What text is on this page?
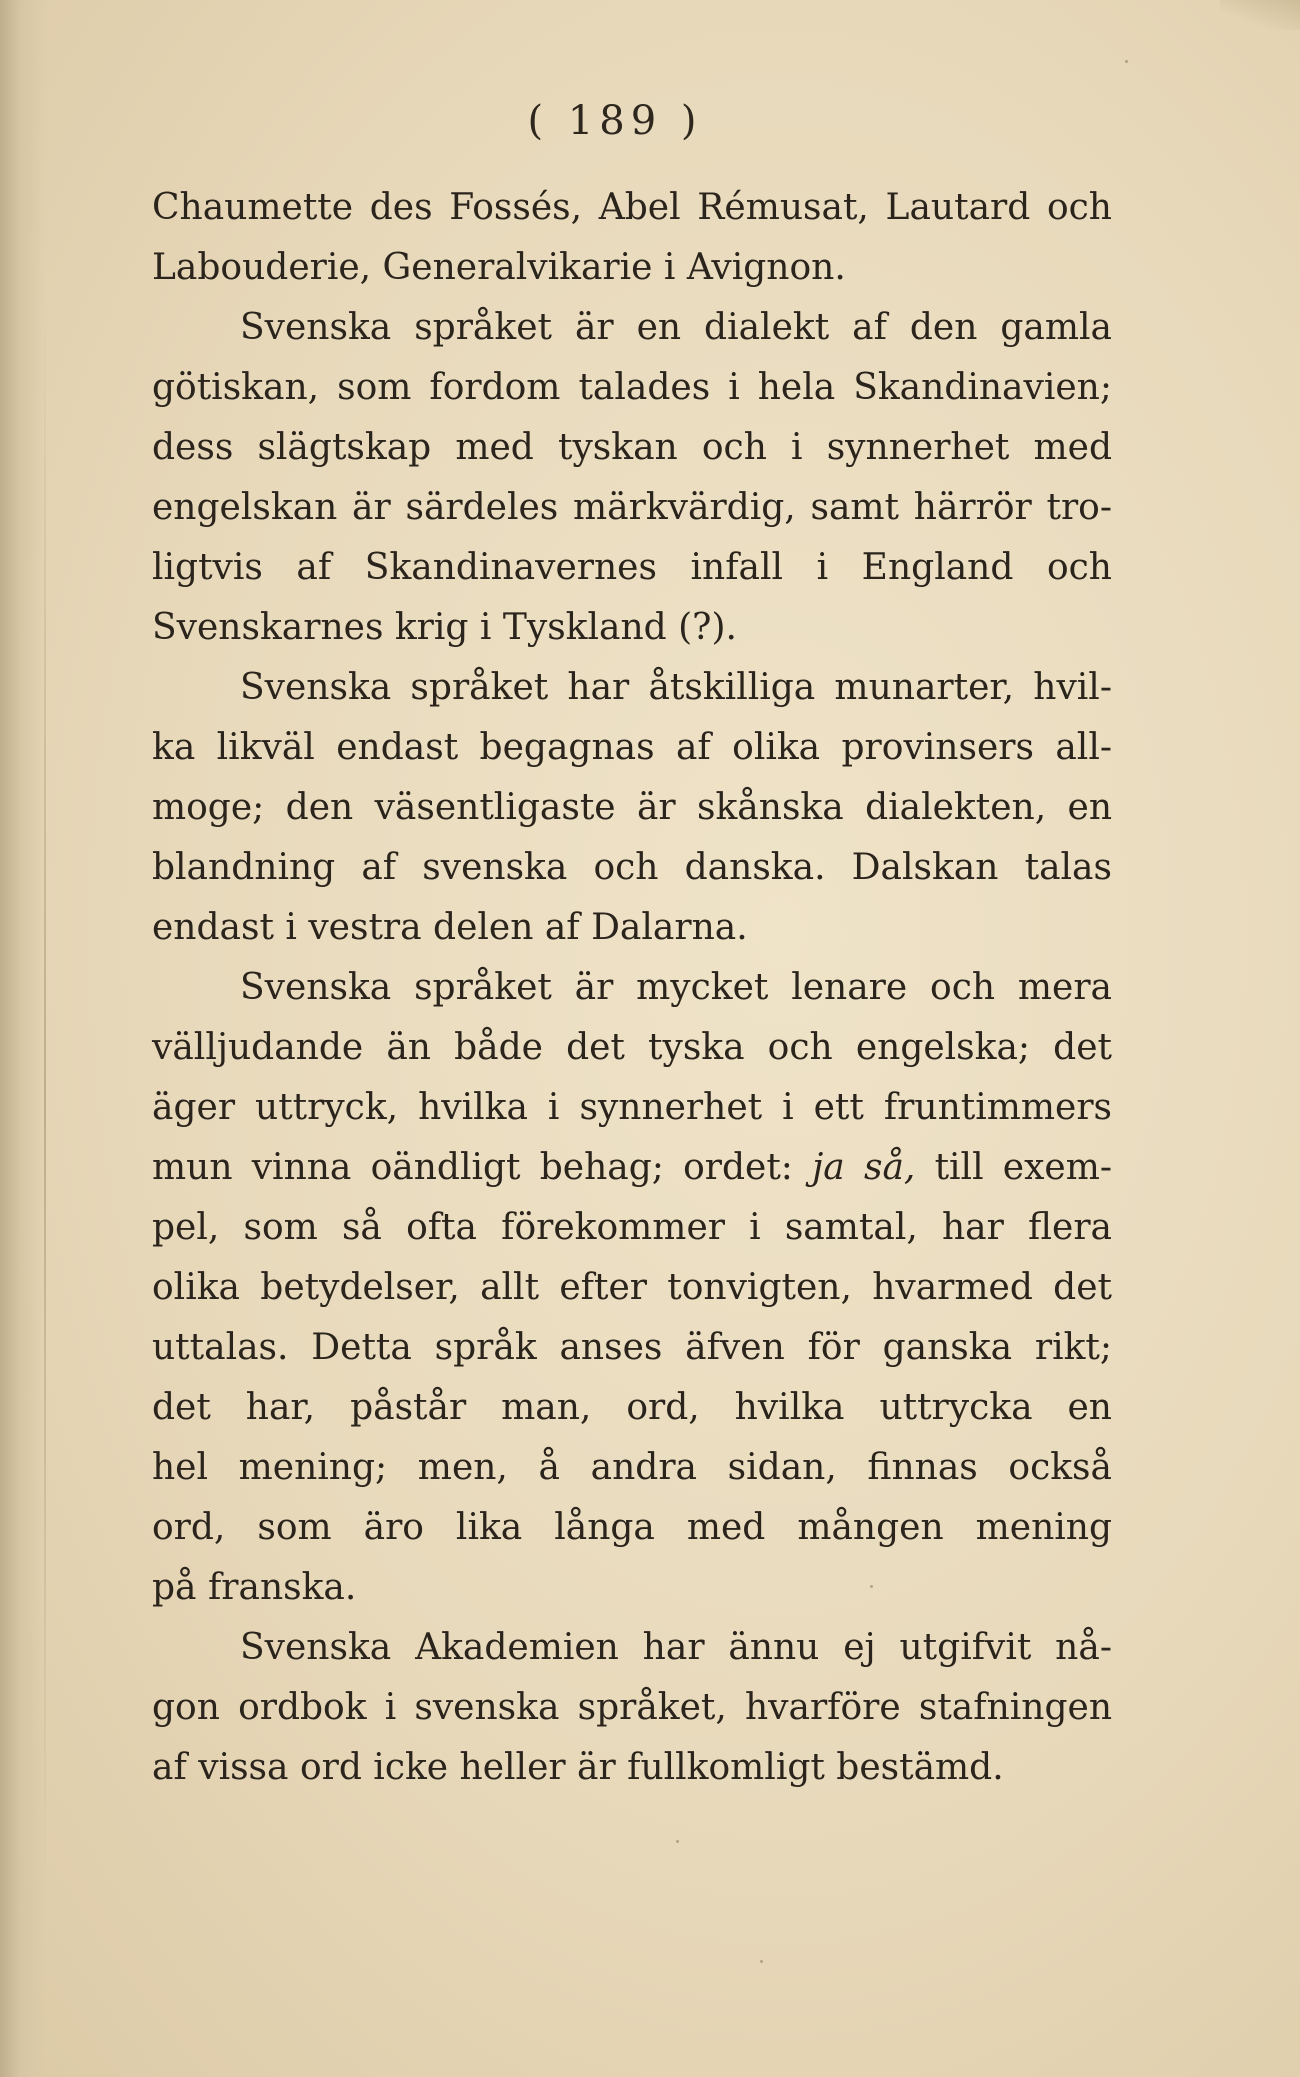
( 189 )
Chaumette des Fossés, Abel Rémusat, Lautard och
Labouderie, Generalvikarie i Avignon.
Svenska språket är en dialekt af den gamla
götiskan, som fordom talades i hela Skandinavien;
dess slägtskap med tyskan och i synnerhet med
engelskan är särdeles märkvärdig, samt härrör tro-
ligtvis af Skandinavernes infall i England och
Svenskarnes krig i Tyskland (?).
Svenska språket har åtskilliga munarter, hvil-
ka likväl endast begagnas af olika provinsers all-
moge; den väsentligaste är skånska dialekten, en
blandning af svenska och danska. Dalskan talas
endast i vestra delen af Dalarna.
Svenska språket är mycket lenare och mera
välljudande än både det tyska och engelska; det
äger uttryck, hvilka i synnerhet i ett fruntimmers
mun vinna oändligt behag; ordet: ja så, till exem-
pel, som så ofta förekommer i samtal, har flera
olika betydelser, allt efter tonvigten, hvarmed det
uttalas. Detta språk anses äfven för ganska rikt;
det har, påstår man, ord, hvilka uttrycka en
hel mening; men, å andra sidan, finnas också
ord, som äro lika långa med mången mening
på franska.
Svenska Akademien har ännu ej utgifvit nå-
gon ordbok i svenska språket, hvarföre stafningen
af vissa ord icke heller är fullkomligt bestämd.
